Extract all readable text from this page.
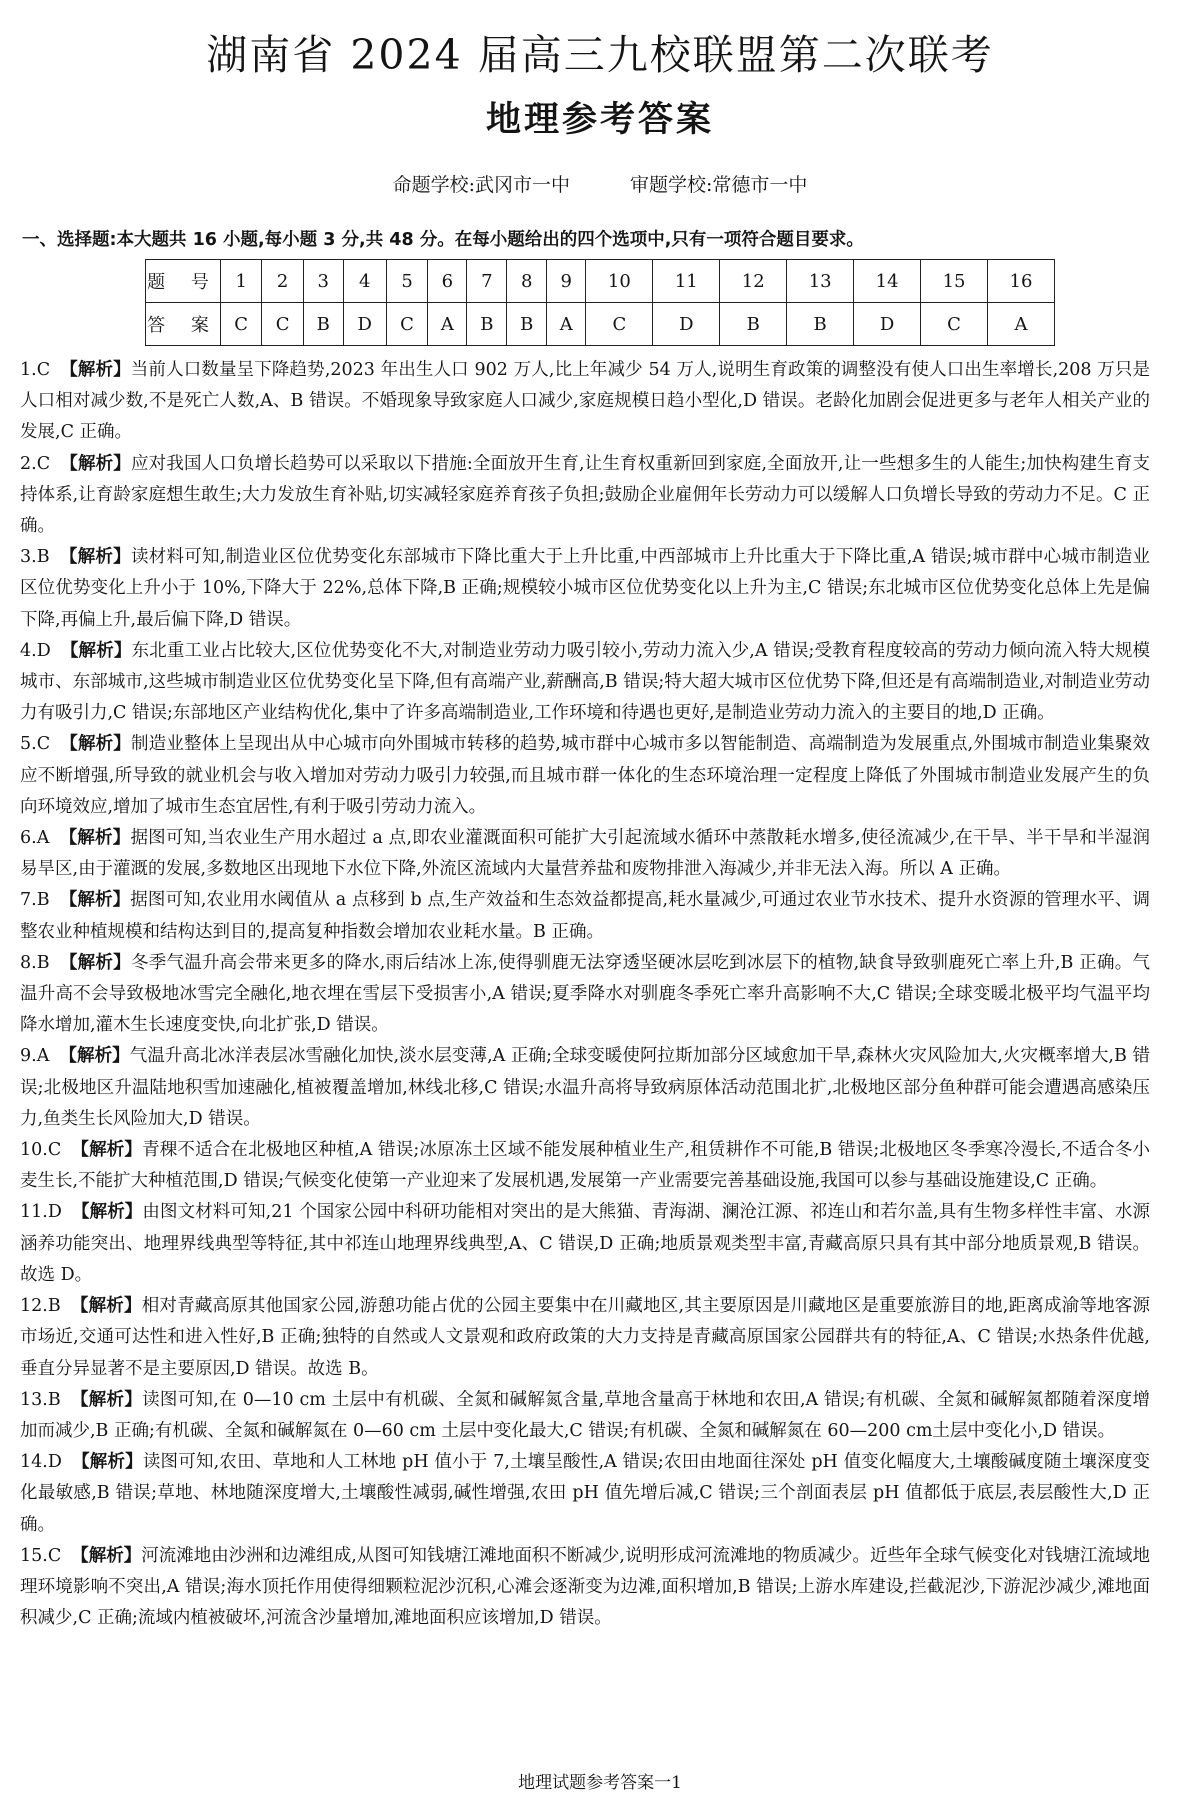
湖南省 2024 届高三九校联盟第二次联考
地理参考答案
命题学校:武冈市一中	审题学校:常德市一中
一、选择题:本大题共 16 小题,每小题 3 分,共 48 分。在每小题给出的四个选项中,只有一项符合题目要求。
题 号	1	2	3	4	5	6	7	8	9	10	11	12	13	14	15	16
答 案	C	C	B	D	C	A	B	B	A	C	D	B	B	D	C	A

1.C 【解析】当前人口数量呈下降趋势,2023 年出生人口 902 万人,比上年减少 54 万人,说明生育政策的调整没有使人口出生率增长,208 万只是人口相对减少数,不是死亡人数,A、B 错误。不婚现象导致家庭人口减少,家庭规模日趋小型化,D 错误。老龄化加剧会促进更多与老年人相关产业的发展,C 正确。

2.C 【解析】应对我国人口负增长趋势可以采取以下措施:全面放开生育,让生育权重新回到家庭,全面放开,让一些想多生的人能生;加快构建生育支持体系,让育龄家庭想生敢生;大力发放生育补贴,切实减轻家庭养育孩子负担;鼓励企业雇佣年长劳动力可以缓解人口负增长导致的劳动力不足。C 正确。

3.B 【解析】读材料可知,制造业区位优势变化东部城市下降比重大于上升比重,中西部城市上升比重大于下降比重,A 错误;城市群中心城市制造业区位优势变化上升小于 10%,下降大于 22%,总体下降,B 正确;规模较小城市区位优势变化以上升为主,C 错误;东北城市区位优势变化总体上先是偏下降,再偏上升,最后偏下降,D 错误。

4.D 【解析】东北重工业占比较大,区位优势变化不大,对制造业劳动力吸引较小,劳动力流入少,A 错误;受教育程度较高的劳动力倾向流入特大规模城市、东部城市,这些城市制造业区位优势变化呈下降,但有高端产业,薪酬高,B 错误;特大超大城市区位优势下降,但还是有高端制造业,对制造业劳动力有吸引力,C 错误;东部地区产业结构优化,集中了许多高端制造业,工作环境和待遇也更好,是制造业劳动力流入的主要目的地,D 正确。

5.C 【解析】制造业整体上呈现出从中心城市向外围城市转移的趋势,城市群中心城市多以智能制造、高端制造为发展重点,外围城市制造业集聚效应不断增强,所导致的就业机会与收入增加对劳动力吸引力较强,而且城市群一体化的生态环境治理一定程度上降低了外围城市制造业发展产生的负向环境效应,增加了城市生态宜居性,有利于吸引劳动力流入。

6.A 【解析】据图可知,当农业生产用水超过 a 点,即农业灌溉面积可能扩大引起流域水循环中蒸散耗水增多,使径流减少,在干旱、半干旱和半湿润易旱区,由于灌溉的发展,多数地区出现地下水位下降,外流区流域内大量营养盐和废物排泄入海减少,并非无法入海。所以 A 正确。

7.B 【解析】据图可知,农业用水阈值从 a 点移到 b 点,生产效益和生态效益都提高,耗水量减少,可通过农业节水技术、提升水资源的管理水平、调整农业种植规模和结构达到目的,提高复种指数会增加农业耗水量。B 正确。

8.B 【解析】冬季气温升高会带来更多的降水,雨后结冰上冻,使得驯鹿无法穿透坚硬冰层吃到冰层下的植物,缺食导致驯鹿死亡率上升,B 正确。气温升高不会导致极地冰雪完全融化,地衣埋在雪层下受损害小,A 错误;夏季降水对驯鹿冬季死亡率升高影响不大,C 错误;全球变暖北极平均气温平均降水增加,灌木生长速度变快,向北扩张,D 错误。

9.A 【解析】气温升高北冰洋表层冰雪融化加快,淡水层变薄,A 正确;全球变暖使阿拉斯加部分区域愈加干旱,森林火灾风险加大,火灾概率增大,B 错误;北极地区升温陆地积雪加速融化,植被覆盖增加,林线北移,C 错误;水温升高将导致病原体活动范围北扩,北极地区部分鱼种群可能会遭遇高感染压力,鱼类生长风险加大,D 错误。

10.C 【解析】青稞不适合在北极地区种植,A 错误;冰原冻土区域不能发展种植业生产,租赁耕作不可能,B 错误;北极地区冬季寒冷漫长,不适合冬小麦生长,不能扩大种植范围,D 错误;气候变化使第一产业迎来了发展机遇,发展第一产业需要完善基础设施,我国可以参与基础设施建设,C 正确。

11.D 【解析】由图文材料可知,21 个国家公园中科研功能相对突出的是大熊猫、青海湖、澜沧江源、祁连山和若尔盖,具有生物多样性丰富、水源涵养功能突出、地理界线典型等特征,其中祁连山地理界线典型,A、C 错误,D 正确;地质景观类型丰富,青藏高原只具有其中部分地质景观,B 错误。故选 D。

12.B 【解析】相对青藏高原其他国家公园,游憩功能占优的公园主要集中在川藏地区,其主要原因是川藏地区是重要旅游目的地,距离成渝等地客源市场近,交通可达性和进入性好,B 正确;独特的自然或人文景观和政府政策的大力支持是青藏高原国家公园群共有的特征,A、C 错误;水热条件优越,垂直分异显著不是主要原因,D 错误。故选 B。

13.B 【解析】读图可知,在 0—10 cm 土层中有机碳、全氮和碱解氮含量,草地含量高于林地和农田,A 错误;有机碳、全氮和碱解氮都随着深度增加而减少,B 正确;有机碳、全氮和碱解氮在 0—60 cm 土层中变化最大,C 错误;有机碳、全氮和碱解氮在 60—200 cm土层中变化小,D 错误。

14.D 【解析】读图可知,农田、草地和人工林地 pH 值小于 7,土壤呈酸性,A 错误;农田由地面往深处 pH 值变化幅度大,土壤酸碱度随土壤深度变化最敏感,B 错误;草地、林地随深度增大,土壤酸性减弱,碱性增强,农田 pH 值先增后减,C 错误;三个剖面表层 pH 值都低于底层,表层酸性大,D 正确。

15.C 【解析】河流滩地由沙洲和边滩组成,从图可知钱塘江滩地面积不断减少,说明形成河流滩地的物质减少。近些年全球气候变化对钱塘江流域地理环境影响不突出,A 错误;海水顶托作用使得细颗粒泥沙沉积,心滩会逐渐变为边滩,面积增加,B 错误;上游水库建设,拦截泥沙,下游泥沙减少,滩地面积减少,C 正确;流域内植被破坏,河流含沙量增加,滩地面积应该增加,D 错误。

地理试题参考答案一1
